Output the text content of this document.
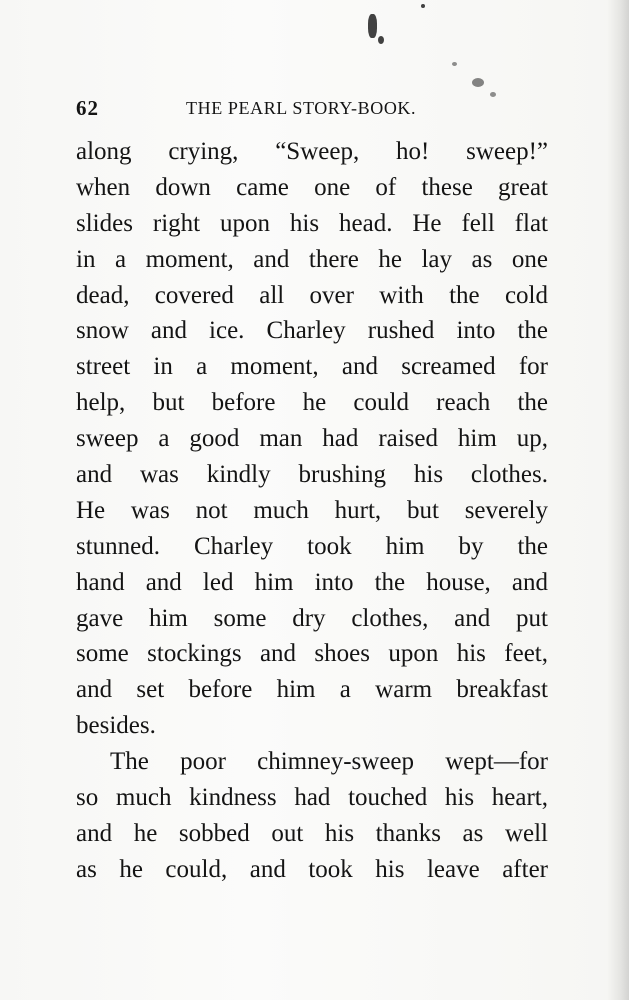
62	THE PEARL STORY-BOOK.
along crying, “Sweep, ho! sweep!”
when down came one of these great
slides right upon his head. He fell flat
in a moment, and there he lay as one
dead, covered all over with the cold
snow and ice. Charley rushed into the
street in a moment, and screamed for
help, but before he could reach the
sweep a good man had raised him up,
and was kindly brushing his clothes.
He was not much hurt, but severely
stunned. Charley took him by the
hand and led him into the house, and
gave him some dry clothes, and put
some stockings and shoes upon his feet,
and set before him a warm breakfast
besides.
The poor chimney-sweep wept—for
so much kindness had touched his heart,
and he sobbed out his thanks as well
as he could, and took his leave after
